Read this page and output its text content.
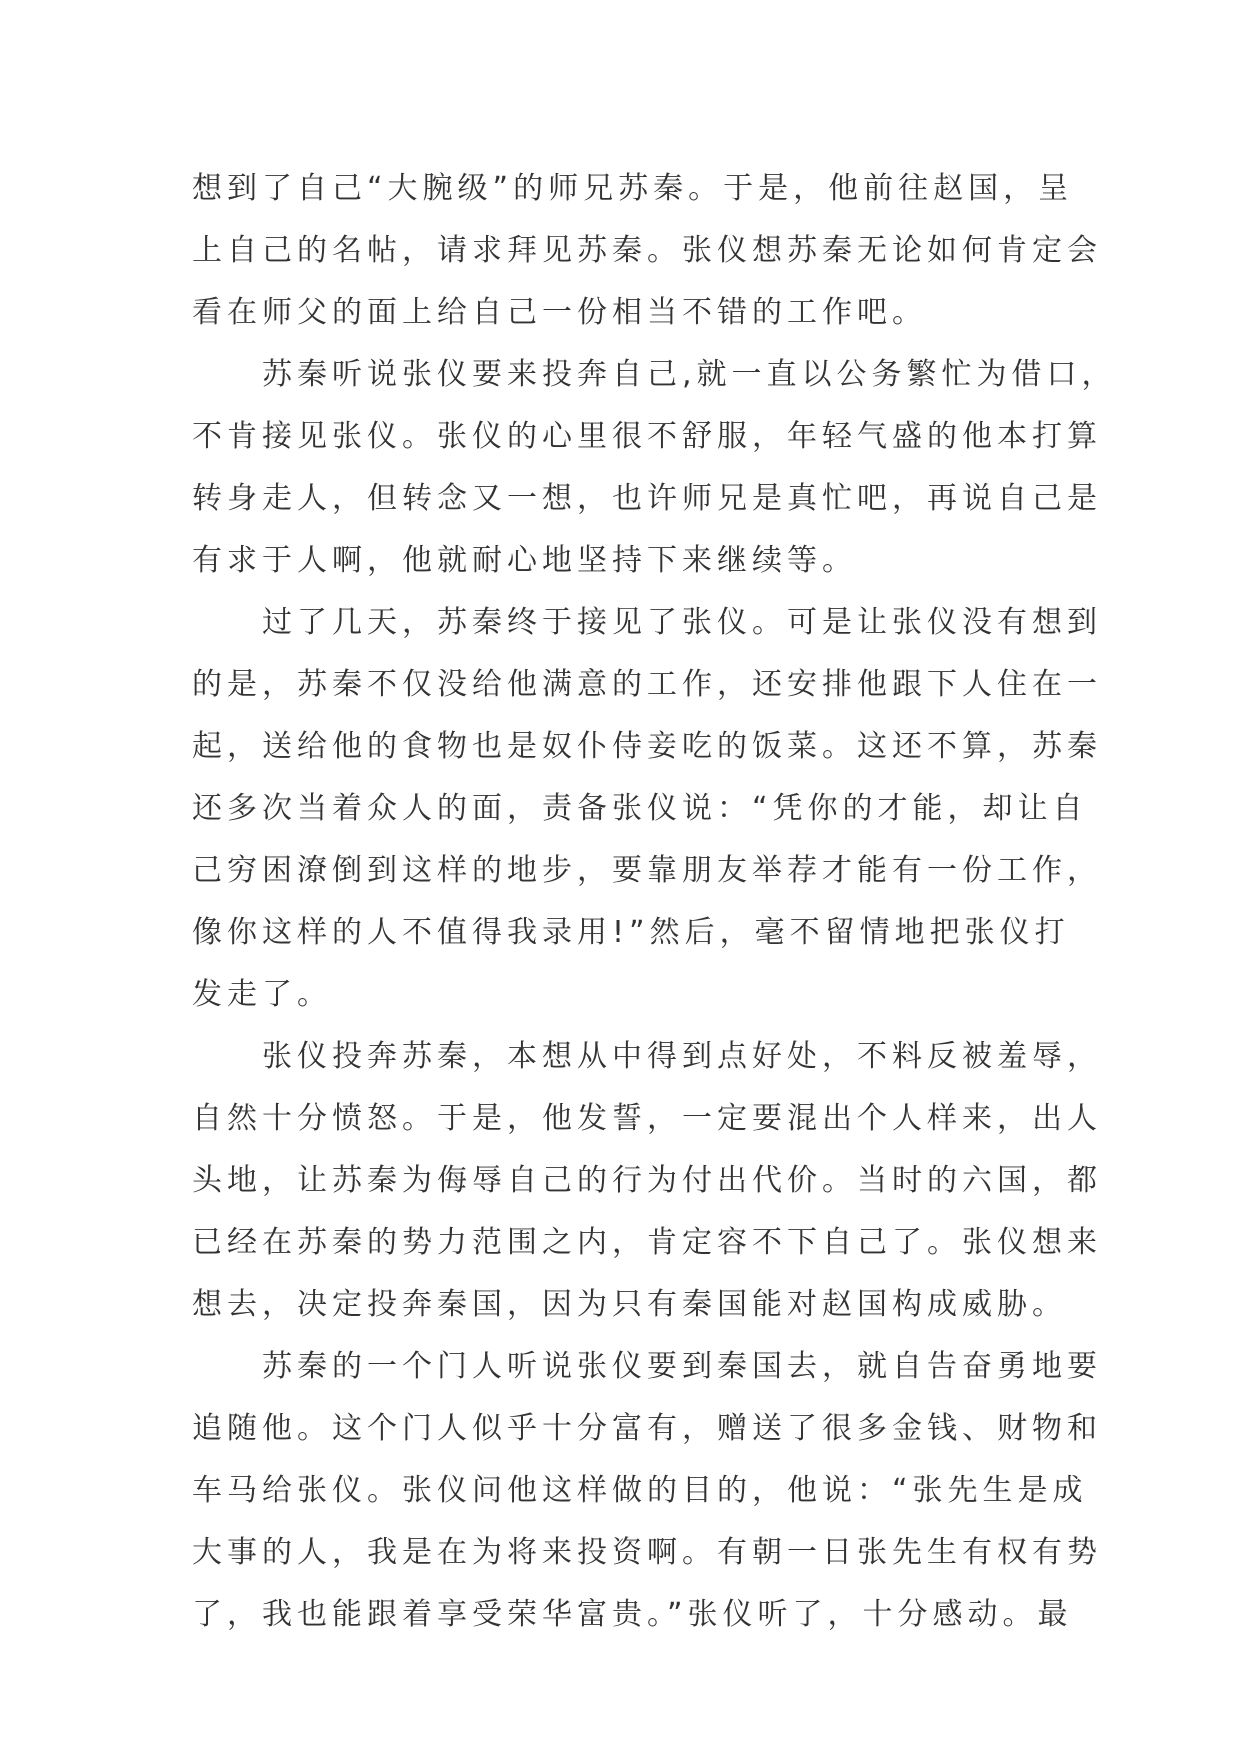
想到了自己“大腕级”的师兄苏秦。于是，他前往赵国，呈
上自己的名帖，请求拜见苏秦。张仪想苏秦无论如何肯定会
看在师父的面上给自己一份相当不错的工作吧。
苏秦听说张仪要来投奔自己,就一直以公务繁忙为借口，
不肯接见张仪。张仪的心里很不舒服，年轻气盛的他本打算
转身走人，但转念又一想，也许师兄是真忙吧，再说自己是
有求于人啊，他就耐心地坚持下来继续等。
过了几天，苏秦终于接见了张仪。可是让张仪没有想到
的是，苏秦不仅没给他满意的工作，还安排他跟下人住在一
起，送给他的食物也是奴仆侍妾吃的饭菜。这还不算，苏秦
还多次当着众人的面，责备张仪说：“凭你的才能，却让自
己穷困潦倒到这样的地步，要靠朋友举荐才能有一份工作，
像你这样的人不值得我录用!”然后，毫不留情地把张仪打
发走了。
张仪投奔苏秦，本想从中得到点好处，不料反被羞辱，
自然十分愤怒。于是，他发誓，一定要混出个人样来，出人
头地，让苏秦为侮辱自己的行为付出代价。当时的六国，都
已经在苏秦的势力范围之内，肯定容不下自己了。张仪想来
想去，决定投奔秦国，因为只有秦国能对赵国构成威胁。
苏秦的一个门人听说张仪要到秦国去，就自告奋勇地要
追随他。这个门人似乎十分富有，赠送了很多金钱、财物和
车马给张仪。张仪问他这样做的目的，他说：“张先生是成
大事的人，我是在为将来投资啊。有朝一日张先生有权有势
了，我也能跟着享受荣华富贵。”张仪听了，十分感动。最
